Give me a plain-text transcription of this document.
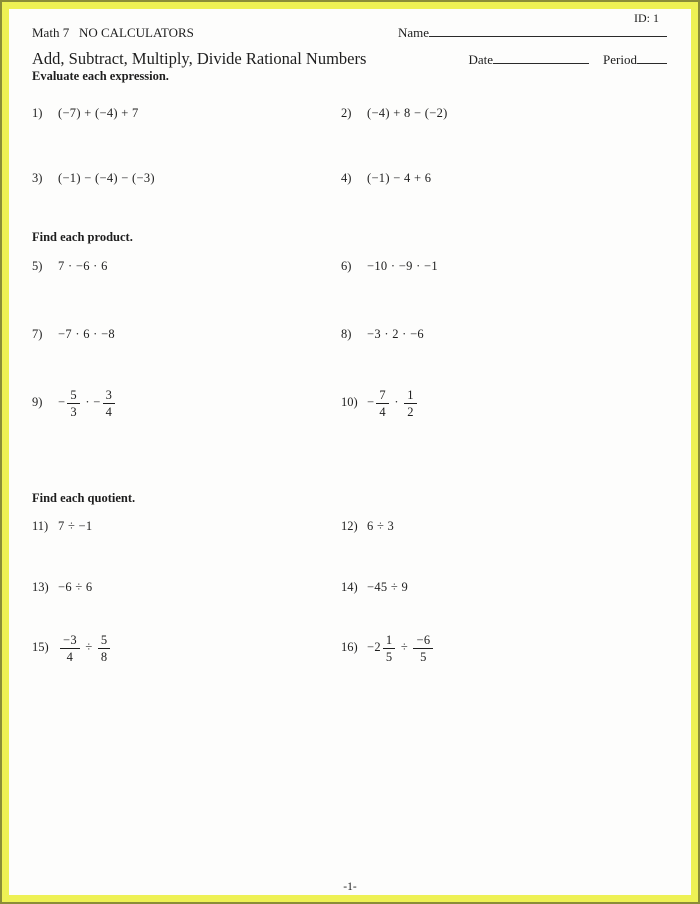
ID: 1
Math 7   NO CALCULATORS	Name
Add, Subtract, Multiply, Divide Rational Numbers	Date	Period
Evaluate each expression.
1) (−7) + (−4) + 7	2) (−4) + 8 − (−2)
3) (−1) − (−4) − (−3)	4) (−1) − 4 + 6
Find each product.
5) 7 · −6 · 6	6) −10 · −9 · −1
7) −7 · 6 · −8	8) −3 · 2 · −6
$9) - \frac{5}{3}$ · − $\frac{3}{4}$	$10) - \frac{7}{4} \cdot \frac{1}{2}$
Find each quotient.
11) 7 ÷ −1	12) 6 ÷ 3
13) −6 ÷ 6	14) −45 ÷ 9
$15) \frac{-3}{4} \div \frac{5}{8}$	$16) -2 \frac{1}{5} \div \frac{-6}{5}$
-1-
